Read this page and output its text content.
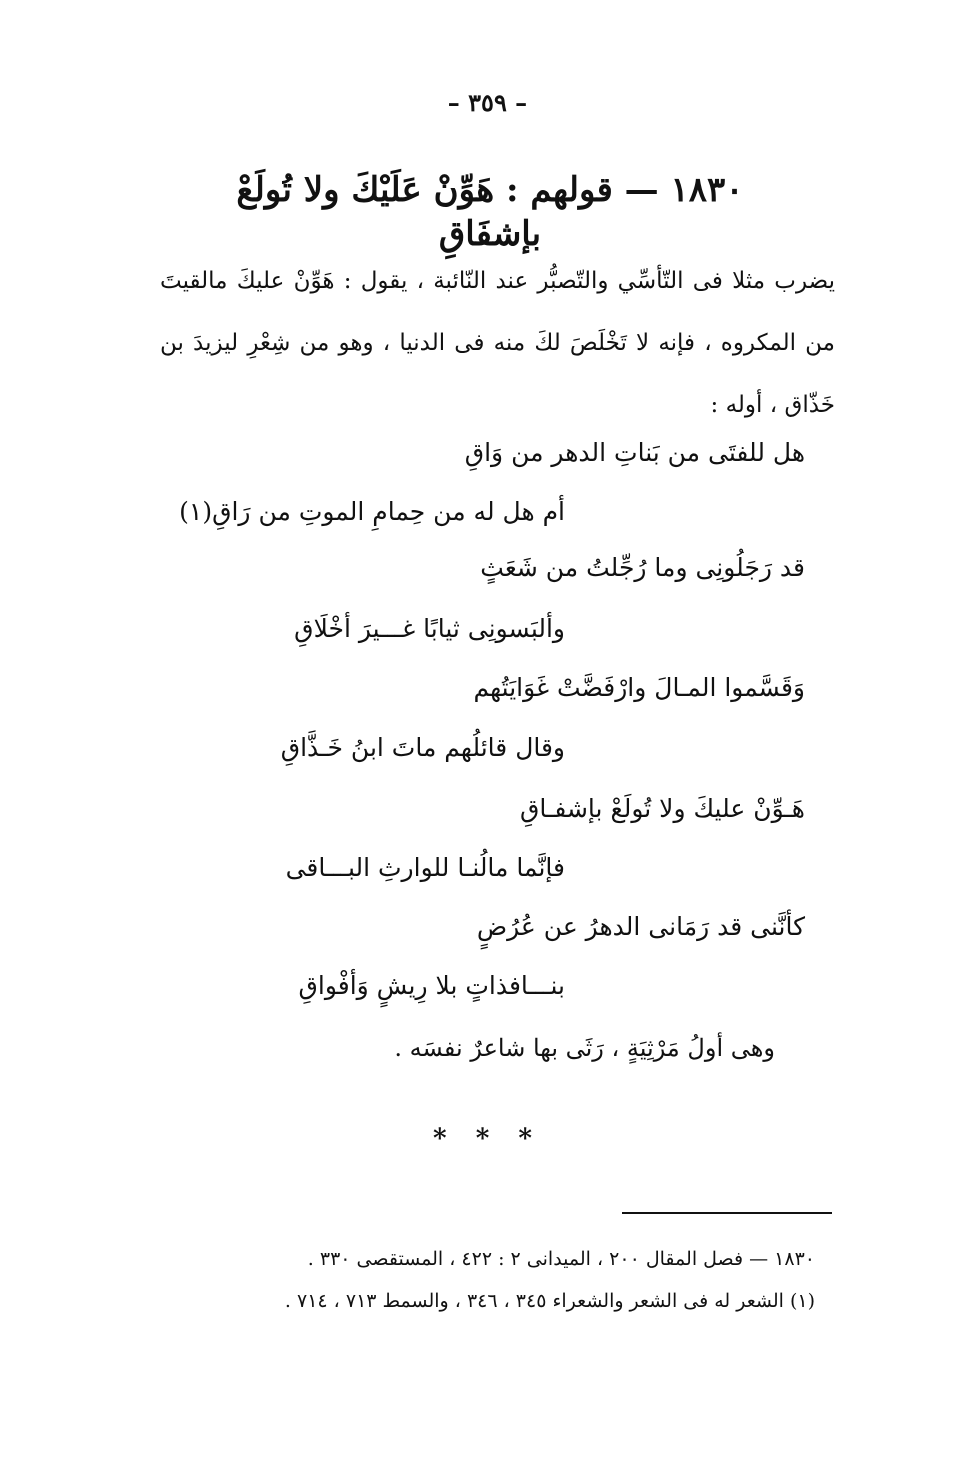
– ٣٥٩ –
١٨٣٠ — قولهم : هَوِّنْ عَلَيْكَ ولا تُولَعْ بإشفَاقِ

يضرب مثلا فى التّأسِّي والتّصبُّر عند النّائبة ، يقول : هَوِّنْ عليكَ مالقيتَ من المكروه ، فإنه لا تَخْلَصَ لكَ منه فى الدنيا ، وهو من شِعْرِ ليزيدَ بن خَذّاق ، أوله :

هل للفتَى من بَناتِ الدهر من وَاقِ
أم هل له من حِمامِ الموتِ من رَاقِ(١)
قد رَجَلُونِى وما رُجِّلتُ من شَعَثٍ
وألبَسونِى ثيابًا غـــيرَ أخْلَاقِ
وَقَسَّموا المـالَ وارْفَضَّتْ غَوَايَتُهم
وقال قائلُهم ماتَ ابنُ خَـذَّاقِ
هَـوِّنْ عليكَ ولا تُولَعْ بإشفـاقِ
فإنَّما مالُنـا للوارثِ البـــاقى
كأنَّنى قد رَمَانى الدهرُ عن عُرُضٍ
بنـــافذاتٍ بلا رِيشٍ وَأفْواقِ
وهى أولُ مَرْثِيَةٍ ، رَثَى بها شاعرٌ نفسَه .
* * *
١٨٣٠ — فصل المقال ٢٠٠ ، الميدانى ٢ : ٤٢٢ ، المستقصى ٣٣٠ .
(١) الشعر له فى الشعر والشعراء ٣٤٥ ، ٣٤٦ ، والسمط ٧١٣ ، ٧١٤ .
